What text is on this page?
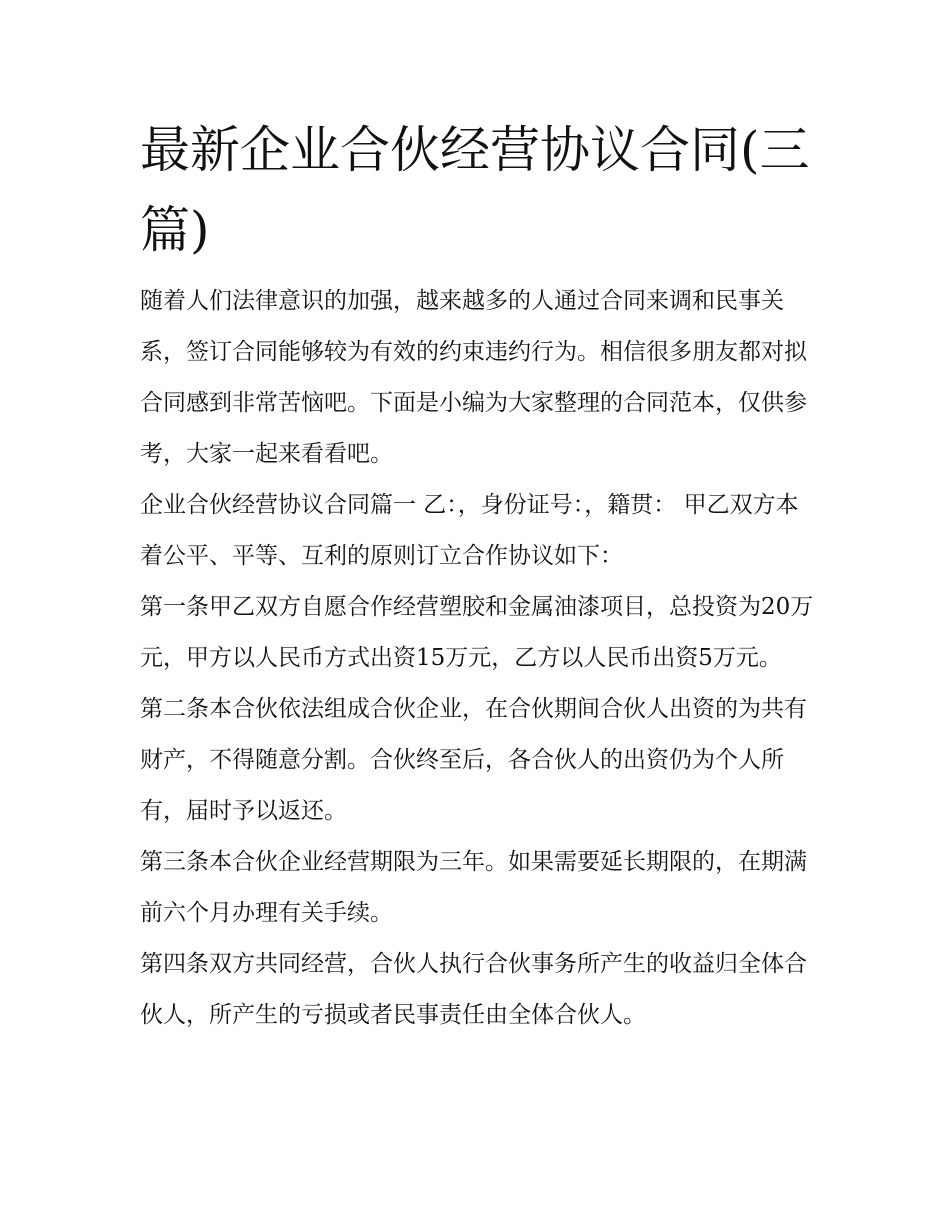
最新企业合伙经营协议合同(三篇)

随着人们法律意识的加强，越来越多的人通过合同来调和民事关系，签订合同能够较为有效的约束违约行为。相信很多朋友都对拟合同感到非常苦恼吧。下面是小编为大家整理的合同范本，仅供参考，大家一起来看看吧。

企业合伙经营协议合同篇一 乙：，身份证号：，籍贯： 甲乙双方本着公平、平等、互利的原则订立合作协议如下：

第一条甲乙双方自愿合作经营塑胶和金属油漆项目，总投资为20万元，甲方以人民币方式出资15万元，乙方以人民币出资5万元。

第二条本合伙依法组成合伙企业，在合伙期间合伙人出资的为共有财产，不得随意分割。合伙终至后，各合伙人的出资仍为个人所有，届时予以返还。

第三条本合伙企业经营期限为三年。如果需要延长期限的，在期满前六个月办理有关手续。

第四条双方共同经营，合伙人执行合伙事务所产生的收益归全体合伙人，所产生的亏损或者民事责任由全体合伙人。
